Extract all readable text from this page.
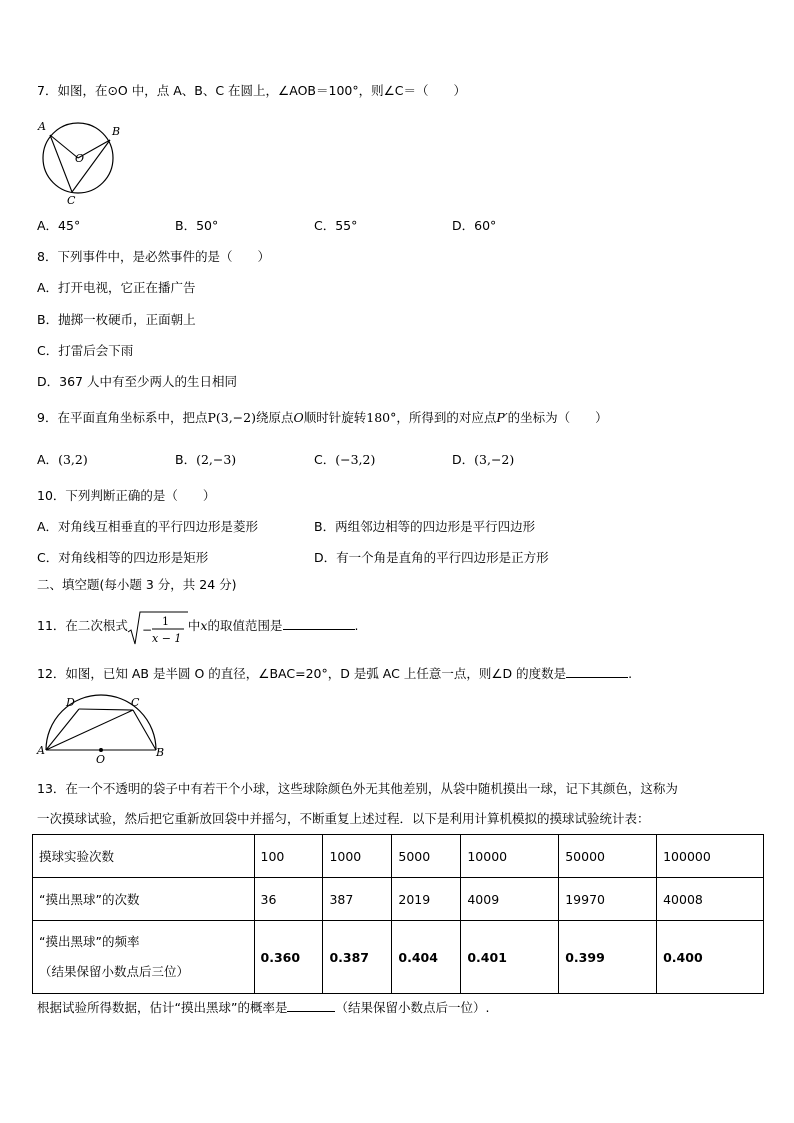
7．如图，在⊙O 中，点 A、B、C 在圆上，∠AOB＝100°，则∠C＝（　　）
A	B
O
C
A．45°	B．50°	C．55°	D．60°
8．下列事件中，是必然事件的是（　　）
A．打开电视，它正在播广告
B．抛掷一枚硬币，正面朝上
C．打雷后会下雨
D．367 人中有至少两人的生日相同
9．在平面直角坐标系中，把点P(3,−2)绕原点O顺时针旋转180°，所得到的对应点P′的坐标为（　　）
A．(3,2)	B．(2,−3)	C．(−3,2)	D．(3,−2)
10．下列判断正确的是（　　）
A．对角线互相垂直的平行四边形是菱形	B．两组邻边相等的四边形是平行四边形
C．对角线相等的四边形是矩形	D．有一个角是直角的平行四边形是正方形
二、填空题(每小题 3 分，共 24 分)
11．在二次根式 −
1
x − 1
中x的取值范围是	.
12．如图，已知 AB 是半圆 O 的直径，∠BAC=20°，D 是弧 AC 上任意一点，则∠D 的度数是	.
D	C
A
O
B
13．在一个不透明的袋子中有若干个小球，这些球除颜色外无其他差别，从袋中随机摸出一球，记下其颜色，这称为
一次摸球试验，然后把它重新放回袋中并摇匀，不断重复上述过程．以下是利用计算机模拟的摸球试验统计表：
摸球实验次数	100	1000	5000	10000	50000	100000
“摸出黑球”的次数	36	387	2019	4009	19970	40008

“摸出黑球”的频率
（结果保留小数点后三位）	0.360	0.387	0.404	0.401	0.399	0.400
根据试验所得数据，估计“摸出黑球”的概率是	（结果保留小数点后一位）.
